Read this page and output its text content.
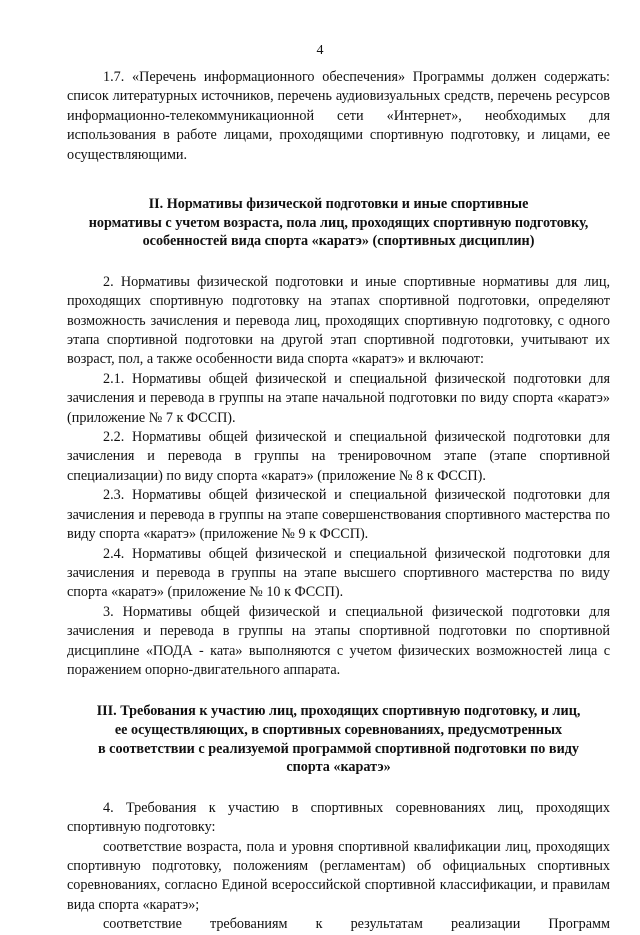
4

1.7. «Перечень информационного обеспечения» Программы должен содержать: список литературных источников, перечень аудиовизуальных средств, перечень ресурсов информационно-телекоммуникационной сети «Интернет», необходимых для использования в работе лицами, проходящими спортивную подготовку, и лицами, ее осуществляющими.

II. Нормативы физической подготовки и иные спортивные
нормативы с учетом возраста, пола лиц, проходящих спортивную подготовку,
особенностей вида спорта «каратэ» (спортивных дисциплин)

2. Нормативы физической подготовки и иные спортивные нормативы для лиц, проходящих спортивную подготовку на этапах спортивной подготовки, определяют возможность зачисления и перевода лиц, проходящих спортивную подготовку, с одного этапа спортивной подготовки на другой этап спортивной подготовки, учитывают их возраст, пол, а также особенности вида спорта «каратэ» и включают:

2.1. Нормативы общей физической и специальной физической подготовки для зачисления и перевода в группы на этапе начальной подготовки по виду спорта «каратэ» (приложение № 7 к ФССП).

2.2. Нормативы общей физической и специальной физической подготовки для зачисления и перевода в группы на тренировочном этапе (этапе спортивной специализации) по виду спорта «каратэ» (приложение № 8 к ФССП).

2.3. Нормативы общей физической и специальной физической подготовки для зачисления и перевода в группы на этапе совершенствования спортивного мастерства по виду спорта «каратэ» (приложение № 9 к ФССП).

2.4. Нормативы общей физической и специальной физической подготовки для зачисления и перевода в группы на этапе высшего спортивного мастерства по виду спорта «каратэ» (приложение № 10 к ФССП).

3. Нормативы общей физической и специальной физической подготовки для зачисления и перевода в группы на этапы спортивной подготовки по спортивной дисциплине «ПОДА - ката» выполняются с учетом физических возможностей лица с поражением опорно-двигательного аппарата.

III. Требования к участию лиц, проходящих спортивную подготовку, и лиц,
ее осуществляющих, в спортивных соревнованиях, предусмотренных
в соответствии с реализуемой программой спортивной подготовки по виду
спорта «каратэ»

4. Требования к участию в спортивных соревнованиях лиц, проходящих спортивную подготовку:

соответствие возраста, пола и уровня спортивной квалификации лиц, проходящих спортивную подготовку, положениям (регламентам) об официальных спортивных соревнованиях, согласно Единой всероссийской спортивной классификации, и правилам вида спорта «каратэ»;

соответствие требованиям к результатам реализации Программ
